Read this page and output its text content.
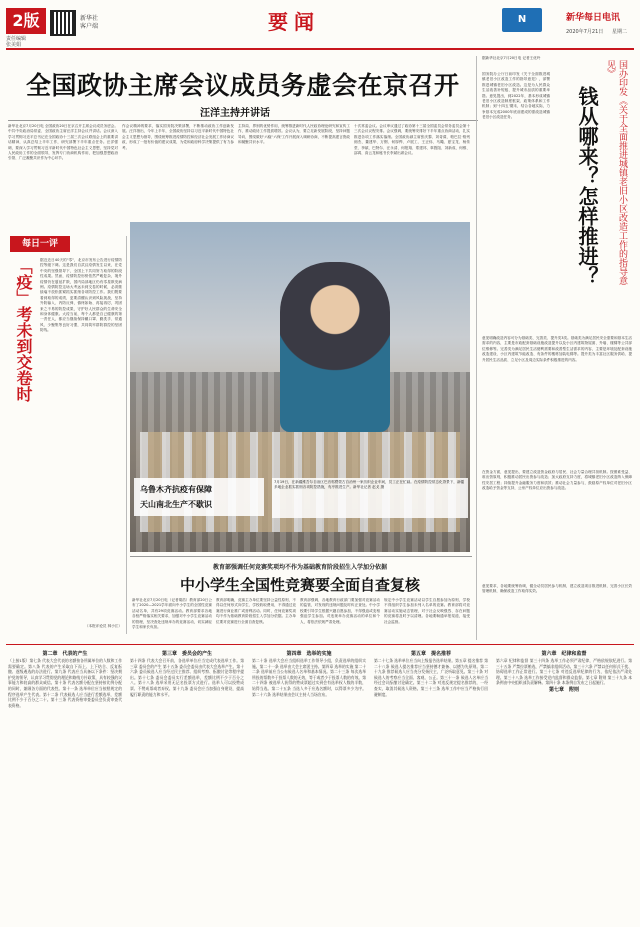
2版
责任编辑
张美娟
新华社
客户端	要闻	N	新华每日电讯
2020年7月21日 星期二
全国政协主席会议成员务虚会在京召开
汪洋主持并讲话
新华社北京7月20日电 全国政协20日在京召开主席会议成员务虚会。中共中央政治局常委、全国政协主席汪洋主持会议并讲话。会议深入学习贯彻习近平总书记在全国政协十三届三次会议联组会上的重要讲话精神，认真总结上半年工作，研究部署下半年重点任务。汪洋强调，要深入学习贯彻习近平新时代中国特色社会主义思想，坚持党对人民政协工作的全面领导，发挥专门协商机构作用，把加强思想政治引领、广泛凝聚共识作为中心环节。
作会议精神的要求，落实国务院决策部署，不断推动政协工作创新发展。汪洋指出，今年上半年，全国政协坚持以习近平新时代中国特色社会主义思想为指导，围绕统筹推进疫情防控和经济社会发展工作协商议政，形成了一批有价值的建议成果，为党和政府科学决策提供了有力参考。
主持局、界别的优势作用，统筹推进新时代人民政协理论研究和宣传工作，推动政协工作提质增效。会议认为，要立足新发展阶段，坚持问题导向，围绕做好'六稳''六保'工作开展深入调研协商，不断提高建言资政和凝聚共识水平。
十次常委会议。会议审议通过了政协第十三届全国委员会常务委员会第十三次会议议程安排。会议强调，要统筹安排好下半年重点协商活动，扎实推进各项工作落实落细。全国政协副主席张庆黎、刘奇葆、帕巴拉·格列朗杰、董建华、万钢、何厚铧、卢展工、王正伟、马飚、夏宝龙、杨传堂、李斌、巴特尔、汪永清、何报翔、郑建邦、辜胜阻、刘新成、何维、邵鸿、高云龙和秘书长李斌出席会议。
每日一评
「疫」考未到交卷时 据近近日40天的"零"，北京市发布公告进行疫情防控等级下调。这是我们自武汉疫情发生以来，在党中央的坚强领导下，全国上下共同努力取得的阶段性成果。然而，疫情防控形势依然严峻复杂，境外疫情仍在蔓延扩散，国内局部地区仍有零星散发病例。疫情防控这场大考远未到交卷的时候，必须继续毫不放松抓紧抓实抓细各项防控工作。我们既要看到取得的成绩，更要清醒认识到风险挑战，坚持外防输入、内防反弹，慎终如始、再接再厉，巩固来之不易的防控成果，守护好人民群众的生命安全和身体健康。大疫当前，每个人都是自己健康的第一责任人，都应当继续保持戴口罩、勤洗手、常通风、少聚集等良好习惯，共同筑牢群防群控的坚固防线。
（本报评论员 林小江）
乌鲁木齐抗疫有保障
天山南北生产不歇识
7月19日，在新疆维吾尔自治区巴音郭楞蒙古自治州一家纺织企业车间，员工正在忙碌。在疫情防控常态化背景下，新疆多地企业抓实抓细各项防控措施，有序推进生产。新华社记者 赵戈 摄
教育部强调任何竞赛奖项均不作为基础教育阶段招生入学加分依据
中小学生全国性竞赛要全面自查复核
新华社北京7月20日电（记者胡浩）教育部20日公布了2020—2021学年面向中小学生的全国性竞赛活动名单，共有29项竞赛活动。教育部要求各地各校严格落实相关要求，加强对中小学生竞赛活动的管理，坚决查处违规举办的竞赛活动，切实减轻学生和家长负担。
教育部明确，竞赛主办单位要坚持公益性原则，不得以任何形式向学生、学校收取费用，不得通过竞赛进行商业推广或营利活动。同时，任何竞赛奖项均不作为基础教育阶段招生入学加分依据。主办单位要对竞赛进行全面自查复核。
教育部强调，各地教育行政部门要加强对竞赛活动的监管，对发现的违规问题及时纠正查处。中小学校要引导学生根据兴趣自愿参加，不得强迫或变相强迫学生参加。对违规举办竞赛活动的单位和个人，将依法依规严肃处理。
规定中小学生竞赛活动以学生自愿参加为原则，学校不得组织学生参加未列入名单的竞赛。教育部将对竞赛活动实施动态管理，对于社会反映强烈、存在问题的竞赛将及时予以清理。各地要畅通举报渠道，接受社会监督。
据新华社北京7月20日电 记者王优玲
国办印发《关于全面推进城镇老旧小区改造工作的指导意见》
钱从哪来？怎样推进？
国务院办公厅日前印发《关于全面推进城镇老旧小区改造工作的指导意见》，部署推进城镇老旧小区改造。这是为人民群众生活改善补短板、提升城市品质的重要举措。意见提出，到2022年，基本形成城镇老旧小区改造制度框架、政策体系和工作机制；到'十四五'期末，结合各地实际，力争基本完成2000年底前建成的需改造城镇老旧小区改造任务。
意见明确改造内容可分为基础类、完善类、提升类3类。基础类为满足居民安全需要和基本生活需求的内容，主要是市政配套基础设施改造提升以及小区内建筑物屋面、外墙、楼梯等公共部位维修等。完善类为满足居民生活便利需要和改善型生活需求的内容，主要是环境及配套设施改造建设、小区内建筑节能改造、有条件的楼栋加装电梯等。提升类为丰富社区服务供给、提升居民生活品质、立足小区及周边实际条件积极推进的内容。
在资金方面，意见提出，要建立改造资金政府与居民、社会力量合理共担机制。按照谁受益、谁出资原则，积极推动居民出资参与改造；加大政府支持力度，将城镇老旧小区改造纳入保障性安居工程；持续提升金融服务力度和质效；推动社会力量参与，鼓励原产权单位对老旧小区改造给予资金等支持，公房产权单位应出资参与改造。
意见要求，各地要统筹协调，健全动员居民参与机制，建立改造项目推进机制，完善小区长效管理机制，确保改造工作取得实效。
第二章　代表的产生
（上接1版）第七条 代表大会代表的名额按各所属单位的人数和工作需要确定。第八条 代表的产生采取自下而上、上下结合、反复酝酿、逐级遴选的办法进行。第九条 代表应当具备以下条件：坚决拥护党的领导，认真学习贯彻党的理论和路线方针政策，具有较强的议事能力和较高的群众威信。第十条 代表名额分配在坚持按比例分配的同时，兼顾各方面的代表性。第十一条 选举单位应当按照规定的程序选举产生代表。第十二条 代表候选人应当进行差额选举，差额比例不少于百分之二十。第十三条 代表资格审查委员会负责审查代表资格。
第三章　委员会的产生
第十四条 代表大会召开前，各选举单位应当完成代表选举工作。第三章 委员会的产生 第十五条 委员会委员由代表大会选举产生。第十六条 委员候选人应当经过民主推荐、组织考察、酝酿讨论等程序提出。第十七条 委员会委员实行差额选举，差额比例不少于百分之八。第十八条 选举采用无记名投票方式进行。选举人可以投赞成票、不赞成票或者弃权。第十九条 委员会应当加强自身建设，提高履行职责的能力和水平。
第四章　选举的实施
第二十条 选举大会应当组织选举工作领导小组，负责选举的组织实施。第二十一条 选举由大会主席团主持。第四章 选举的实施 第二十二条 选举前应当公布候选人名单和基本情况。第二十三条 每次选举所投的票数多于投票人数的无效，等于或者少于投票人数的有效。第二十四条 被选举人获得的赞成票超过实到会有选举权人数的半数，始得当选。第二十五条 当选人多于应选名额时，以得票多少为序。第二十六条 选举结果由会议主持人当场宣布。
第五章　提名推荐
第二十七条 选举单位应当向上级报告选举结果。第五章 提名推荐 第二十八条 候选人提名推荐应当坚持德才兼备、以德为先原则。第二十九条 推荐候选人应当充分发扬民主，广泛听取意见。第三十条 对候选人的考察应当全面、客观、公正。第三十一条 候选人名单应当经过会议酝酿讨论确定。第三十二条 对违反规定提名推荐的，一经查实，取消其候选人资格。第三十三条 选举工作中应当严格执行回避制度。
第六章　纪律和监督
第六章 纪律和监督 第三十四条 选举工作必须严肃纪律，严格依规依纪进行。第三十五条 严禁拉票贿选，严禁搞非组织活动。第三十六条 严禁以任何形式干扰、妨碍选举工作正常进行。第三十七条 对违反选举纪律的行为，依纪依法严肃处理。第三十八条 选举工作接受党内监督和群众监督。第七章 附则 第三十九条 本条例由中央组织部负责解释。第四十条 本条例自发布之日起施行。
第七章　附则
